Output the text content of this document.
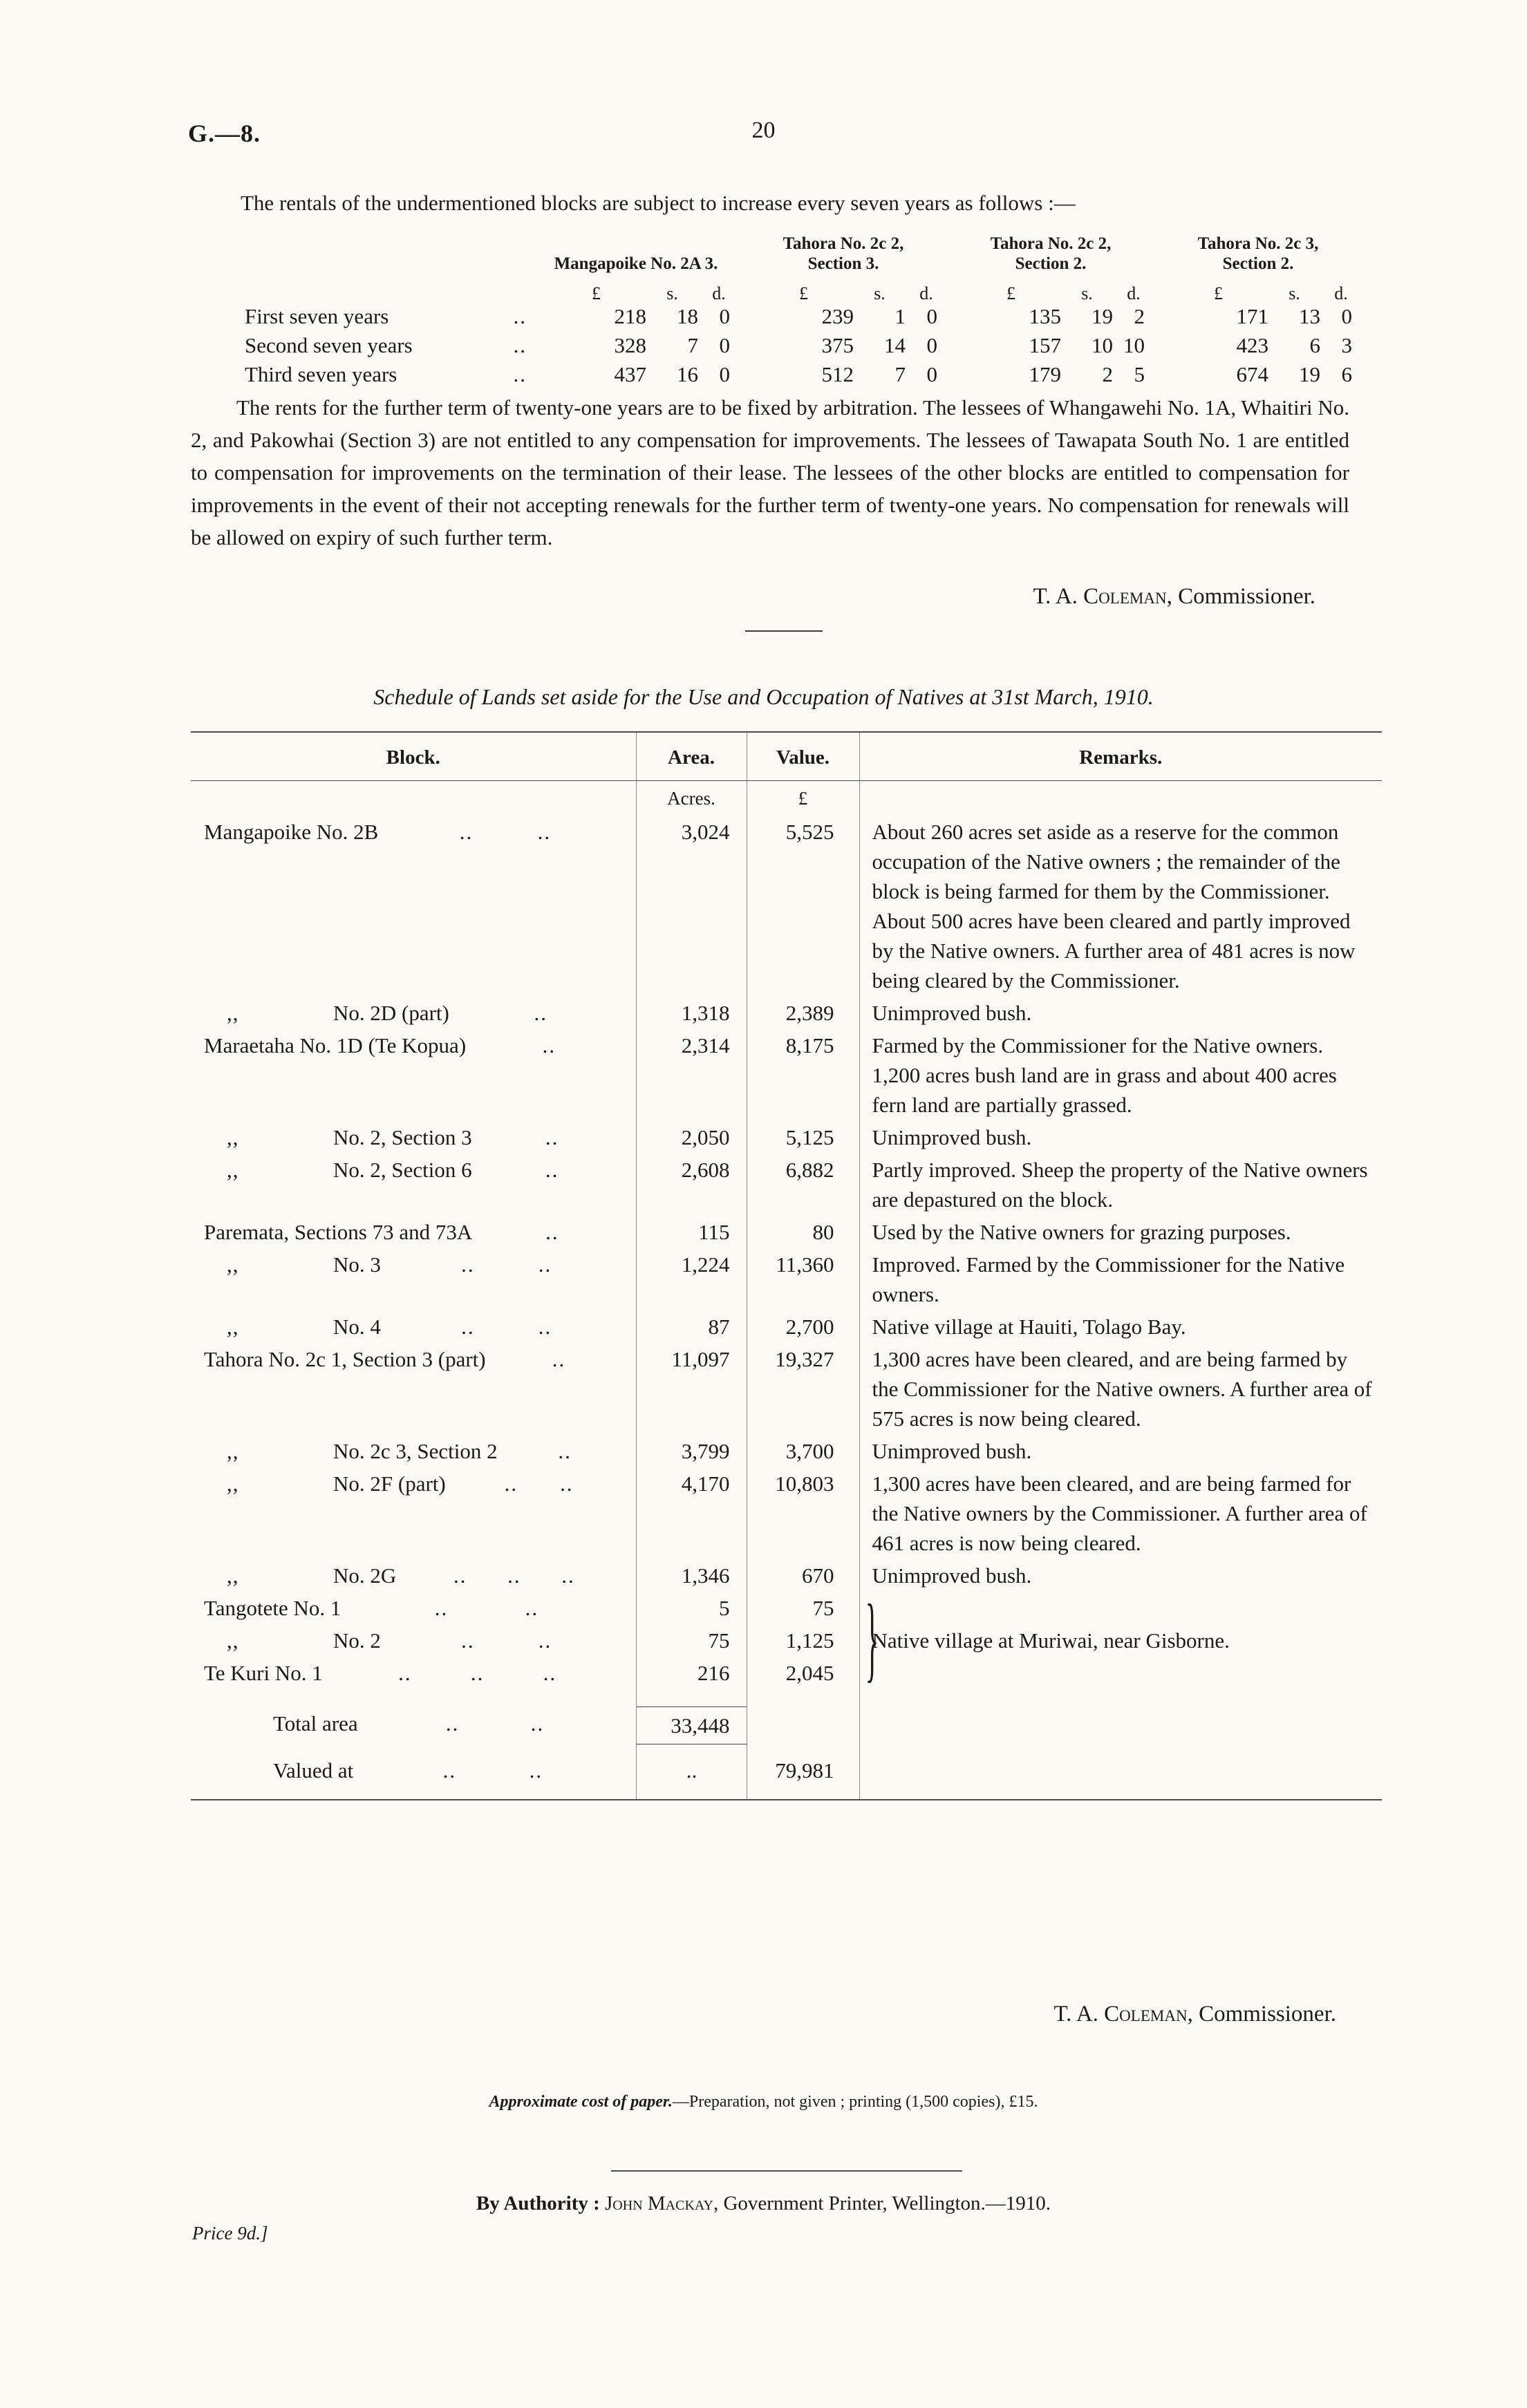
G.—8.	20
The rentals of the undermentioned blocks are subject to increase every seven years as follows :—
Mangapoike No. 2A 3.
Tahora No. 2c 2,
Section 3.
Tahora No. 2c 2,
Section 2.
Tahora No. 2c 3,
Section 2.
£	s.	d.	£	s.	d.	£	s.	d.	£	s.	d.
First seven years	..	218	18 0	239	1 0	135	19 2	171	13 0
Second seven years	..	328	7 0	375	14 0	157	10 10	423	6 3
Third seven years	..	437	16 0	512	7 0	179	2 5	674	19 6
The rents for the further term of twenty-one years are to be fixed by arbitration. The lessees of Whangawehi No. 1A, Whaitiri No. 2, and Pakowhai (Section 3) are not entitled to any compensation for improvements. The lessees of Tawapata South No. 1 are entitled to compensation for improvements on the termination of their lease. The lessees of the other blocks are entitled to compensation for improvements in the event of their not accepting renewals for the further term of twenty-one years. No compensation for renewals will be allowed on expiry of such further term.
T. A. Coleman, Commissioner.
Schedule of Lands set aside for the Use and Occupation of Natives at 31st March, 1910.
Block.	Area.	Value.	Remarks.
	Acres.	£	

Mangapoike No. 2B	..	..	3,024	5,525	About 260 acres set aside as a reserve for the common occupation of the Native owners ; the remainder of the block is being farmed for them by the Commissioner. About 500 acres have been cleared and partly improved by the Native owners. A further area of 481 acres is now being cleared by the Commissioner.

,, No. 2D (part) ..	1,318	2,389	Unimproved bush.

Maraetaha No. 1D (Te Kopua) ..	2,314	8,175	Farmed by the Commissioner for the Native owners. 1,200 acres bush land are in grass and about 400 acres fern land are partially grassed.

,, No. 2, Section 3 ..	2,050	5,125	Unimproved bush.

,, No. 2, Section 6 ..	2,608	6,882	Partly improved. Sheep the property of the Native owners are depastured on the block.

Paremata, Sections 73 and 73A ..	115	80	Used by the Native owners for grazing purposes.

,, No. 3 .. ..	1,224	11,360	Improved. Farmed by the Commissioner for the Native owners.

,, No. 4 .. ..	87	2,700	Native village at Hauiti, Tolago Bay.

Tahora No. 2c 1, Section 3 (part) ..	11,097	19,327	1,300 acres have been cleared, and are being farmed by the Commissioner for the Native owners. A further area of 575 acres is now being cleared.

,, No. 2c 3, Section 2 ..	3,799	3,700	Unimproved bush.

,, No. 2F (part) .. ..	4,170	10,803	1,300 acres have been cleared, and are being farmed for the Native owners by the Commissioner. A further area of 461 acres is now being cleared.

,, No. 2G .. .. ..	1,346	670	Unimproved bush.

Tangotete No. 1 .. ..	5	75	

,, No. 2 .. ..	75	1,125	}
Native village at Muriwai, near Gisborne.

Te Kuri No. 1 .. .. ..	216	2,045	

Total area .. ..	33,448		

Valued at .. ..	..	79,981	

T. A. Coleman, Commissioner.
Approximate cost of paper.—Preparation, not given ; printing (1,500 copies), £15.
By Authority : John Mackay, Government Printer, Wellington.—1910.
Price 9d.]
